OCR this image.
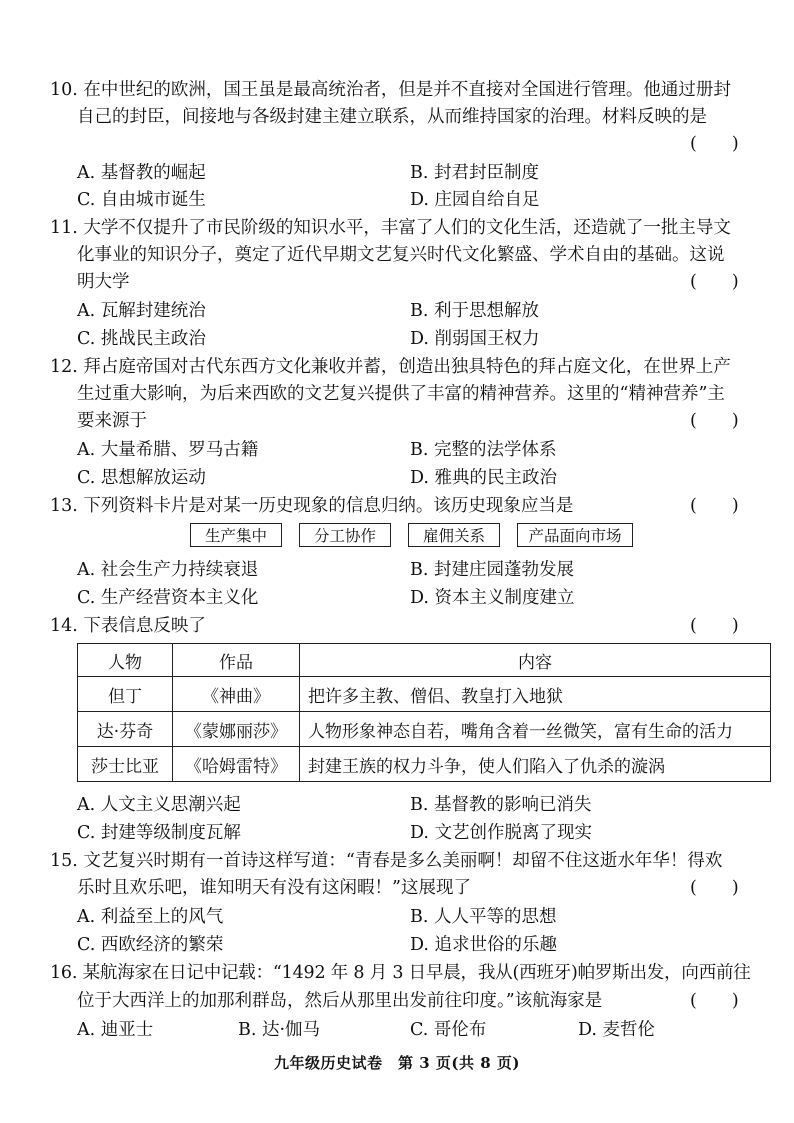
10. 在中世纪的欧洲，国王虽是最高统治者，但是并不直接对全国进行管理。他通过册封
自己的封臣，间接地与各级封建主建立联系，从而维持国家的治理。材料反映的是
(　　)
A. 基督教的崛起	B. 封君封臣制度
C. 自由城市诞生	D. 庄园自给自足
11. 大学不仅提升了市民阶级的知识水平，丰富了人们的文化生活，还造就了一批主导文
化事业的知识分子，奠定了近代早期文艺复兴时代文化繁盛、学术自由的基础。这说
明大学	(　　)
A. 瓦解封建统治	B. 利于思想解放
C. 挑战民主政治	D. 削弱国王权力
12. 拜占庭帝国对古代东西方文化兼收并蓄，创造出独具特色的拜占庭文化，在世界上产
生过重大影响，为后来西欧的文艺复兴提供了丰富的精神营养。这里的“精神营养”主
要来源于	(　　)
A. 大量希腊、罗马古籍	B. 完整的法学体系
C. 思想解放运动	D. 雅典的民主政治
13. 下列资料卡片是对某一历史现象的信息归纳。该历史现象应当是	(　　)
生产集中	分工协作	雇佣关系	产品面向市场
A. 社会生产力持续衰退	B. 封建庄园蓬勃发展
C. 生产经营资本主义化	D. 资本主义制度建立
14. 下表信息反映了	(　　)
人物	作品	内容
但丁	《神曲》	把许多主教、僧侣、教皇打入地狱
达·芬奇	《蒙娜丽莎》	人物形象神态自若，嘴角含着一丝微笑，富有生命的活力
莎士比亚	《哈姆雷特》	封建王族的权力斗争，使人们陷入了仇杀的漩涡
A. 人文主义思潮兴起	B. 基督教的影响已消失
C. 封建等级制度瓦解	D. 文艺创作脱离了现实
15. 文艺复兴时期有一首诗这样写道：“青春是多么美丽啊！却留不住这逝水年华！得欢
乐时且欢乐吧，谁知明天有没有这闲暇！”这展现了	(　　)
A. 利益至上的风气	B. 人人平等的思想
C. 西欧经济的繁荣	D. 追求世俗的乐趣
16. 某航海家在日记中记载：“1492 年 8 月 3 日早晨，我从(西班牙)帕罗斯出发，向西前往
位于大西洋上的加那利群岛，然后从那里出发前往印度。”该航海家是	(　　)
A. 迪亚士	B. 达·伽马	C. 哥伦布	D. 麦哲伦
九年级历史试卷　第 3 页(共 8 页)
